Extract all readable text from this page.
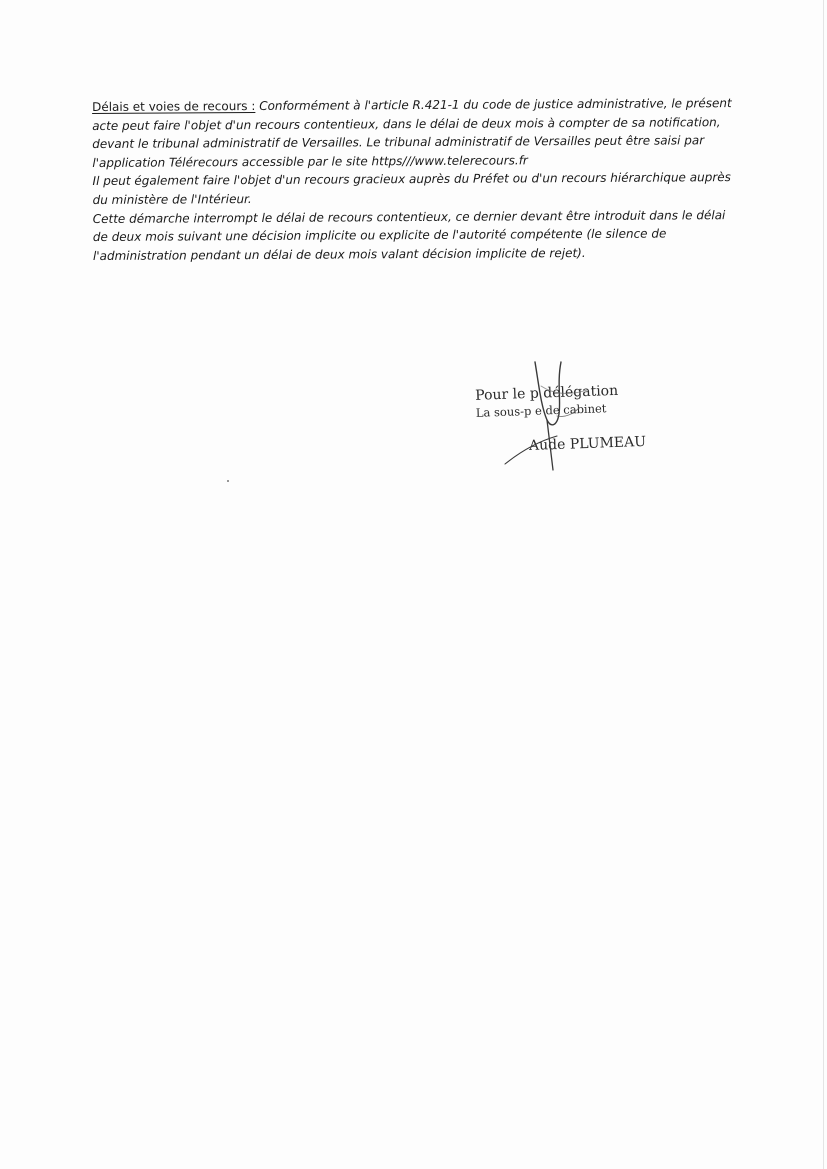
Délais et voies de recours : Conformément à l'article R.421-1 du code de justice administrative, le présent acte peut faire l'objet d'un recours contentieux, dans le délai de deux mois à compter de sa notification, devant le tribunal administratif de Versailles. Le tribunal administratif de Versailles peut être saisi par l'application Télérecours accessible par le site https///www.telerecours.fr

Il peut également faire l'objet d'un recours gracieux auprès du Préfet ou d'un recours hiérarchique auprès du ministère de l'Intérieur.

Cette démarche interrompt le délai de recours contentieux, ce dernier devant être introduit dans le délai de deux mois suivant une décision implicite ou explicite de l'autorité compétente (le silence de l'administration pendant un délai de deux mois valant décision implicite de rejet).

Pour le p délégation
La sous-p e de cabinet
Aude PLUMEAU
